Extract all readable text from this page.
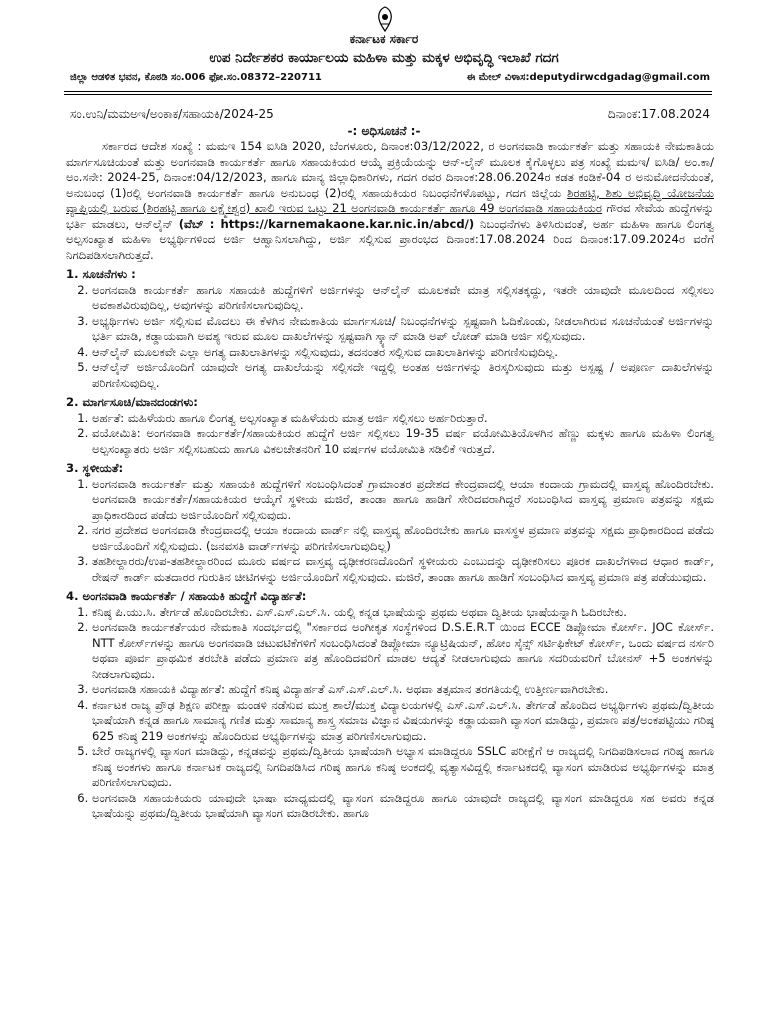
ಕರ್ನಾಟಕ ಸರ್ಕಾರ
ಉಪ ನಿರ್ದೇಶಕರ ಕಾರ್ಯಾಲಯ ಮಹಿಳಾ ಮತ್ತು ಮಕ್ಕಳ ಅಭಿವೃದ್ಧಿ ಇಲಾಖೆ ಗದಗ
ಜಿಲ್ಲಾ ಆಡಳಿತ ಭವನ, ಕೊಠಡಿ ಸಂ.006 ಫೋ.ಸಂ.08372–220711	ಈ ಮೇಲ್ ವಿಳಾಸ:deputydirwcdgadag@gmail.com
ಸಂ.ಉನಿ/ಮಮಅಇ/ಅಂಕಾಕ/ಸಹಾಯಕಿ/2024-25	ದಿನಾಂಕ:17.08.2024
-: ಅಧಿಸೂಚನೆ :-

ಸರ್ಕಾರದ ಆದೇಶ ಸಂಖ್ಯೆ : ಮಮಇ 154 ಐಸಿಡಿ 2020, ಬೆಂಗಳೂರು, ದಿನಾಂಕ:03/12/2022, ರ ಅಂಗನವಾಡಿ ಕಾರ್ಯಕರ್ತೆ ಮತ್ತು ಸಹಾಯಕಿ ನೇಮಕಾತಿಯ ಮಾರ್ಗಸೂಚಿಯಂತೆ ಮತ್ತು ಅಂಗನವಾಡಿ ಕಾರ್ಯಕರ್ತೆ ಹಾಗೂ ಸಹಾಯಕಿಯರ ಆಯ್ಕೆ ಪ್ರಕ್ರಿಯೆಯನ್ನು ಆನ್-ಲೈನ್ ಮೂಲಕ ಕೈಗೊಳ್ಳಲು ಪತ್ರ ಸಂಖ್ಯೆ ಮಮಇ/ ಐಸಿಡಿ/ ಅಂ.ಕಾ/ ಅಂ.ಸನೇ: 2024-25, ದಿನಾಂಕ:04/12/2023, ಹಾಗೂ ಮಾನ್ಯ ಜಿಲ್ಲಾಧಿಕಾರಿಗಳು, ಗದಗ ರವರ ದಿನಾಂಕ:28.06.2024ರ ಕಡತ ಕಂಡಿಕೆ-04 ರ ಅನುಮೋದನೆಯಂತೆ, ಅನುಬಂಧ (1)ರಲ್ಲಿ ಅಂಗನವಾಡಿ ಕಾರ್ಯಕರ್ತೆ ಹಾಗೂ ಅನುಬಂಧ (2)ರಲ್ಲಿ ಸಹಾಯಕಿಯರ ನಿಬಂಧನೆಗಳೊಪಟ್ಟು, ಗದಗ ಜಿಲ್ಲೆಯ ಶಿರಹಟ್ಟಿ, ಶಿಶು ಅಭಿವೃದ್ಧಿ ಯೋಜನೆಯ ವ್ಯಾಪ್ತಿಯಲ್ಲಿ ಬರುವ (ಶಿರಹಟ್ಟಿ ಹಾಗೂ ಲಕ್ಷ್ಮೇಶ್ವರ) ಖಾಲಿ ಇರುವ ಒಟ್ಟು 21 ಅಂಗನವಾಡಿ ಕಾರ್ಯಕರ್ತೆ ಹಾಗೂ 49 ಅಂಗನವಾಡಿ ಸಹಾಯಕಿಯರ ಗೌರವ ಸೇವೆಯ ಹುದ್ದೆಗಳನ್ನು ಭರ್ತಿ ಮಾಡಲು, ಆನ್‌ಲೈನ್ (ವೆಬ್ : https://karnemakaone.kar.nic.in/abcd/) ನಿಬಂಧನೆಗಳು ತಿಳಿಸಿರುವಂತೆ, ಅರ್ಹ ಮಹಿಳಾ ಹಾಗೂ ಲಿಂಗತ್ವ ಅಲ್ಪಸಂಖ್ಯಾತ ಮಹಿಳಾ ಅಭ್ಯರ್ಥಿಗಳಿಂದ ಅರ್ಜಿ ಆಹ್ವಾನಿಸಲಾಗಿದ್ದು, ಅರ್ಜಿ ಸಲ್ಲಿಸುವ ಪ್ರಾರಂಭದ ದಿನಾಂಕ:17.08.2024 ರಿಂದ ದಿನಾಂಕ:17.09.2024ರ ವರೆಗೆ ನಿಗದಿಪಡಿಸಲಾಗಿರುತ್ತದೆ.

1. ಸೂಚನೆಗಳು :
2. ಅಂಗನವಾಡಿ ಕಾರ್ಯಕರ್ತೆ ಹಾಗೂ ಸಹಾಯಕಿ ಹುದ್ದೆಗಳಿಗೆ ಅರ್ಜಿಗಳನ್ನು ಆನ್‌ಲೈನ್ ಮೂಲಕವೇ ಮಾತ್ರ ಸಲ್ಲಿಸತಕ್ಕದ್ದು, ಇತರೇ ಯಾವುದೇ ಮೂಲದಿಂದ ಸಲ್ಲಿಸಲು ಅವಕಾಶವಿರುವುದಿಲ್ಲ, ಅವುಗಳನ್ನು ಪರಿಗಣಿಸಲಾಗುವುದಿಲ್ಲ.
3. ಅಭ್ಯರ್ಥಿಗಳು ಅರ್ಜಿ ಸಲ್ಲಿಸುವ ಮೊದಲು ಈ ಕೆಳಗಿನ ನೇಮಕಾತಿಯ ಮಾರ್ಗಸೂಚಿ/ ನಿಬಂಧನೆಗಳನ್ನು ಸ್ಪಷ್ಟವಾಗಿ ಓದಿಕೊಂಡು, ನೀಡಲಾಗಿರುವ ಸೂಚನೆಯಂತೆ ಅರ್ಜಿಗಳನ್ನು ಭರ್ತಿ ಮಾಡಿ, ಕಡ್ಡಾಯವಾಗಿ ಅವಶ್ಯ ಇರುವ ಮೂಲ ದಾಖಲೆಗಳನ್ನು ಸ್ಪಷ್ಟವಾಗಿ ಸ್ಕ್ಯಾನ್ ಮಾಡಿ ಅಪ್ ಲೋಡ್ ಮಾಡಿ ಅರ್ಜಿ ಸಲ್ಲಿಸುವುದು.
4. ಆನ್‌ಲೈನ್ ಮೂಲಕವೇ ಎಲ್ಲಾ ಅಗತ್ಯ ದಾಖಲಾತಿಗಳನ್ನು ಸಲ್ಲಿಸುವುದು, ತದನಂತರ ಸಲ್ಲಿಸುವ ದಾಖಲಾತಿಗಳನ್ನು ಪರಿಗಣಿಸುವುದಿಲ್ಲ.
5. ಆನ್‌ಲೈನ್ ಅರ್ಜಿಯೊಂದಿಗೆ ಯಾವುದೇ ಅಗತ್ಯ ದಾಖಲೆಯನ್ನು ಸಲ್ಲಿಸದೇ ಇದ್ದಲ್ಲಿ ಅಂತಹ ಅರ್ಜಿಗಳನ್ನು ತಿರಸ್ಕರಿಸುವುದು ಮತ್ತು ಅಸ್ಪಷ್ಟ / ಅಪೂರ್ಣ ದಾಖಲೆಗಳನ್ನು ಪರಿಗಣಿಸುವುದಿಲ್ಲ.
2. ಮಾರ್ಗಸೂಚಿ/ಮಾನದಂಡಗಳು:
1. ಅರ್ಹತೆ: ಮಹಿಳೆಯರು ಹಾಗೂ ಲಿಂಗತ್ವ ಅಲ್ಪಸಂಖ್ಯಾತ ಮಹಿಳೆಯರು ಮಾತ್ರ ಅರ್ಜಿ ಸಲ್ಲಿಸಲು ಅರ್ಹರಿರುತ್ತಾರೆ.
2. ವಯೋಮಿತಿ: ಅಂಗನವಾಡಿ ಕಾರ್ಯಕರ್ತೆ/ಸಹಾಯಕಿಯರ ಹುದ್ದೆಗೆ ಅರ್ಜಿ ಸಲ್ಲಿಸಲು 19-35 ವರ್ಷ ವಯೋಮಿತಿಯೊಳಗಿನ ಹೆಣ್ಣು ಮಕ್ಕಳು ಹಾಗೂ ಮಹಿಳಾ ಲಿಂಗತ್ವ ಅಲ್ಪಸಂಖ್ಯಾತರು ಅರ್ಜಿ ಸಲ್ಲಿಸಬಹುದು ಹಾಗೂ ವಿಕಲಚೇತನರಿಗೆ 10 ವರ್ಷಗಳ ವಯೋಮಿತಿ ಸಡಿಲಿಕೆ ಇರುತ್ತದೆ.
3. ಸ್ಥಳೀಯತೆ:
1. ಅಂಗನವಾಡಿ ಕಾರ್ಯಕರ್ತೆ ಮತ್ತು ಸಹಾಯಕಿ ಹುದ್ದೆಗಳಿಗೆ ಸಂಬಂಧಿಸಿದಂತೆ ಗ್ರಾಮಾಂತರ ಪ್ರದೇಶದ ಕೇಂದ್ರವಾದಲ್ಲಿ ಆಯಾ ಕಂದಾಯ ಗ್ರಾಮದಲ್ಲಿ ವಾಸ್ತವ್ಯ ಹೊಂದಿರಬೇಕು. ಅಂಗನವಾಡಿ ಕಾರ್ಯಕರ್ತೆ/ಸಹಾಯಕಿಯರ ಆಯ್ಕೆಗೆ ಸ್ಥಳೀಯ ಮಜಿರೆ, ತಾಂಡಾ ಹಾಗೂ ಹಾಡಿಗೆ ಸೇರಿದವರಾಗಿದ್ದರೆ ಸಂಬಂಧಿಸಿದ ವಾಸ್ತವ್ಯ ಪ್ರಮಾಣ ಪತ್ರವನ್ನು ಸಕ್ಷಮ ಪ್ರಾಧಿಕಾರದಿಂದ ಪಡೆದು ಅರ್ಜಿಯೊಂದಿಗೆ ಸಲ್ಲಿಸುವುದು.
2. ನಗರ ಪ್ರದೇಶದ ಅಂಗನವಾಡಿ ಕೇಂದ್ರವಾದಲ್ಲಿ ಆಯಾ ಕಂದಾಯ ವಾರ್ಡ್ ನಲ್ಲಿ ವಾಸ್ತವ್ಯ ಹೊಂದಿರಬೇಕು ಹಾಗೂ ವಾಸಸ್ಥಳ ಪ್ರಮಾಣ ಪತ್ರವನ್ನು ಸಕ್ಷಮ ಪ್ರಾಧಿಕಾರದಿಂದ ಪಡೆದು ಅರ್ಜಿಯೊಂದಿಗೆ ಸಲ್ಲಿಸುವುದು. (ಜನವಸತಿ ವಾರ್ಡ್‌ಗಳನ್ನು ಪರಿಗಣಿಸಲಾಗುವುದಿಲ್ಲ)
3. ತಹಶೀಲ್ದಾರರು/ಉಪ-ತಹಶೀಲ್ದಾರರಿಂದ ಮೂರು ವರ್ಷದ ವಾಸ್ತವ್ಯ ದೃಢೀಕರಣದೊಂದಿಗೆ ಸ್ಥಳೀಯರು ಎಂಬುದನ್ನು ದೃಢೀಕರಿಸಲು ಪೂರಕ ದಾಖಲೆಗಳಾದ ಆಧಾರ ಕಾರ್ಡ್, ರೇಷನ್ ಕಾರ್ಡ್ ಮತದಾರರ ಗುರುತಿನ ಚೀಟಿಗಳನ್ನು ಅರ್ಜಿಯೊಂದಿಗೆ ಸಲ್ಲಿಸುವುದು. ಮಜಿರೆ, ತಾಂಡಾ ಹಾಗೂ ಹಾಡಿಗೆ ಸಂಬಂಧಿಸಿದ ವಾಸ್ತವ್ಯ ಪ್ರಮಾಣ ಪತ್ರ ಪಡೆಯುವುದು.
4. ಅಂಗನವಾಡಿ ಕಾರ್ಯಕರ್ತೆ / ಸಹಾಯಕಿ ಹುದ್ದೆಗೆ ವಿದ್ಯಾರ್ಹತೆ:
1. ಕನಿಷ್ಠ ಪಿ.ಯು.ಸಿ. ತೇರ್ಗಡೆ ಹೊಂದಿರಬೇಕು. ಎಸ್.ಎಸ್.ಎಲ್.ಸಿ. ಯಲ್ಲಿ ಕನ್ನಡ ಭಾಷೆಯನ್ನು ಪ್ರಥಮ ಅಥವಾ ದ್ವಿತೀಯ ಭಾಷೆಯನ್ನಾಗಿ ಓದಿರಬೇಕು.
2. ಅಂಗನವಾಡಿ ಕಾರ್ಯಕರ್ತೆಯರ ನೇಮಕಾತಿ ಸಂದರ್ಭದಲ್ಲಿ "ಸರ್ಕಾರದ ಅಂಗೀಕೃತ ಸಂಸ್ಥೆಗಳಿಂದ D.S.E.R.T ಯಿಂದ ECCE ಡಿಪ್ಲೋಮಾ ಕೋರ್ಸ್. JOC ಕೋರ್ಸ್. NTT ಕೋರ್ಸ್‌ಗಳನ್ನು ಹಾಗೂ ಅಂಗನವಾಡಿ ಚಟುವಟಿಕೆಗಳಿಗೆ ಸಂಬಂಧಿಸಿದಂತೆ ಡಿಪ್ಲೋಮಾ ನ್ಯೂಟ್ರಿಷಿಯನ್, ಹೋಂ ಸೈನ್ಸ್ ಸರ್ಟಿಫಿಕೇಟ್ ಕೋರ್ಸ್, ಒಂದು ವರ್ಷದ ನರ್ಸರಿ ಅಥವಾ ಪೂರ್ವ ಪ್ರಾಥಮಿಕ ತರಬೇತಿ ಪಡೆದು ಪ್ರಮಾಣ ಪತ್ರ ಹೊಂದಿದವರಿಗೆ ಮಾಡಲ ಆದ್ಯತೆ ನೀಡಲಾಗುವುದು ಹಾಗೂ ಸದರಿಯವರಿಗೆ ಬೋನಸ್ +5 ಅಂಕಗಳನ್ನು ನೀಡಲಾಗುವುದು.
3. ಅಂಗನವಾಡಿ ಸಹಾಯಕಿ ವಿದ್ಯಾರ್ಹತೆ: ಹುದ್ದೆಗೆ ಕನಿಷ್ಠ ವಿದ್ಯಾರ್ಹತೆ ಎಸ್.ಎಸ್.ಎಲ್.ಸಿ. ಅಥವಾ ತತ್ಸಮಾನ ತರಗತಿಯಲ್ಲಿ ಉತ್ತೀರ್ಣವಾಗಿರಬೇಕು.
4. ಕರ್ನಾಟಕ ರಾಜ್ಯ ಪ್ರೌಢ ಶಿಕ್ಷಣ ಪರೀಕ್ಷಾ ಮಂಡಳಿ ನಡೆಸುವ ಮುಕ್ತ ಶಾಲೆ/ಮುಕ್ತ ವಿದ್ಯಾಲಯಗಳಲ್ಲಿ ಎಸ್.ಎಸ್.ಎಲ್.ಸಿ. ತೇರ್ಗಡೆ ಹೊಂದಿದ ಅಭ್ಯರ್ಥಿಗಳು ಪ್ರಥಮ/ದ್ವಿತೀಯ ಭಾಷೆಯಾಗಿ ಕನ್ನಡ ಹಾಗೂ ಸಾಮಾನ್ಯ ಗಣಿತ ಮತ್ತು ಸಾಮಾನ್ಯ ಶಾಸ್ತ್ರ ಸಮಾಜ ವಿಜ್ಞಾನ ವಿಷಯಗಳನ್ನು ಕಡ್ಡಾಯವಾಗಿ ವ್ಯಾಸಂಗ ಮಾಡಿದ್ದು, ಪ್ರಮಾಣ ಪತ್ರ/ಅಂಕಪಟ್ಟಿಯು ಗರಿಷ್ಠ 625 ಕನಿಷ್ಠ 219 ಅಂಕಗಳನ್ನು ಹೊಂದಿರುವ ಅಭ್ಯರ್ಥಿಗಳನ್ನು ಮಾತ್ರ ಪರಿಗಣಿಸಲಾಗುವುದು.
5. ಬೇರೆ ರಾಜ್ಯಗಳಲ್ಲಿ ವ್ಯಾಸಂಗ ಮಾಡಿದ್ದು, ಕನ್ನಡವನ್ನು ಪ್ರಥಮ/ದ್ವಿತೀಯ ಭಾಷೆಯಾಗಿ ಅಭ್ಯಾಸ ಮಾಡಿದ್ದರೂ SSLC ಪರೀಕ್ಷೆಗೆ ಆ ರಾಜ್ಯದಲ್ಲಿ ನಿಗದಿಪಡಿಸಲಾದ ಗರಿಷ್ಠ ಹಾಗೂ ಕನಿಷ್ಠ ಅಂಕಗಳು ಹಾಗೂ ಕರ್ನಾಟಕ ರಾಜ್ಯದಲ್ಲಿ ನಿಗದಿಪಡಿಸಿದ ಗರಿಷ್ಠ ಹಾಗೂ ಕನಿಷ್ಠ ಅಂಕದಲ್ಲಿ ವ್ಯತ್ಯಾಸವಿದ್ದಲ್ಲಿ ಕರ್ನಾಟಕದಲ್ಲಿ ವ್ಯಾಸಂಗ ಮಾಡಿರುವ ಅಭ್ಯರ್ಥಿಗಳನ್ನು ಮಾತ್ರ ಪರಿಗಣಿಸಲಾಗುವುದು.
6. ಅಂಗನವಾಡಿ ಸಹಾಯಕಿಯರು ಯಾವುದೇ ಭಾಷಾ ಮಾಧ್ಯಮದಲ್ಲಿ ವ್ಯಾಸಂಗ ಮಾಡಿದ್ದರೂ ಹಾಗೂ ಯಾವುದೇ ರಾಜ್ಯದಲ್ಲಿ ವ್ಯಾಸಂಗ ಮಾಡಿದ್ದರೂ ಸಹ ಅವರು ಕನ್ನಡ ಭಾಷೆಯನ್ನು ಪ್ರಥಮ/ದ್ವಿತೀಯ ಭಾಷೆಯಾಗಿ ವ್ಯಾಸಂಗ ಮಾಡಿರಬೇಕು. ಹಾಗೂ
